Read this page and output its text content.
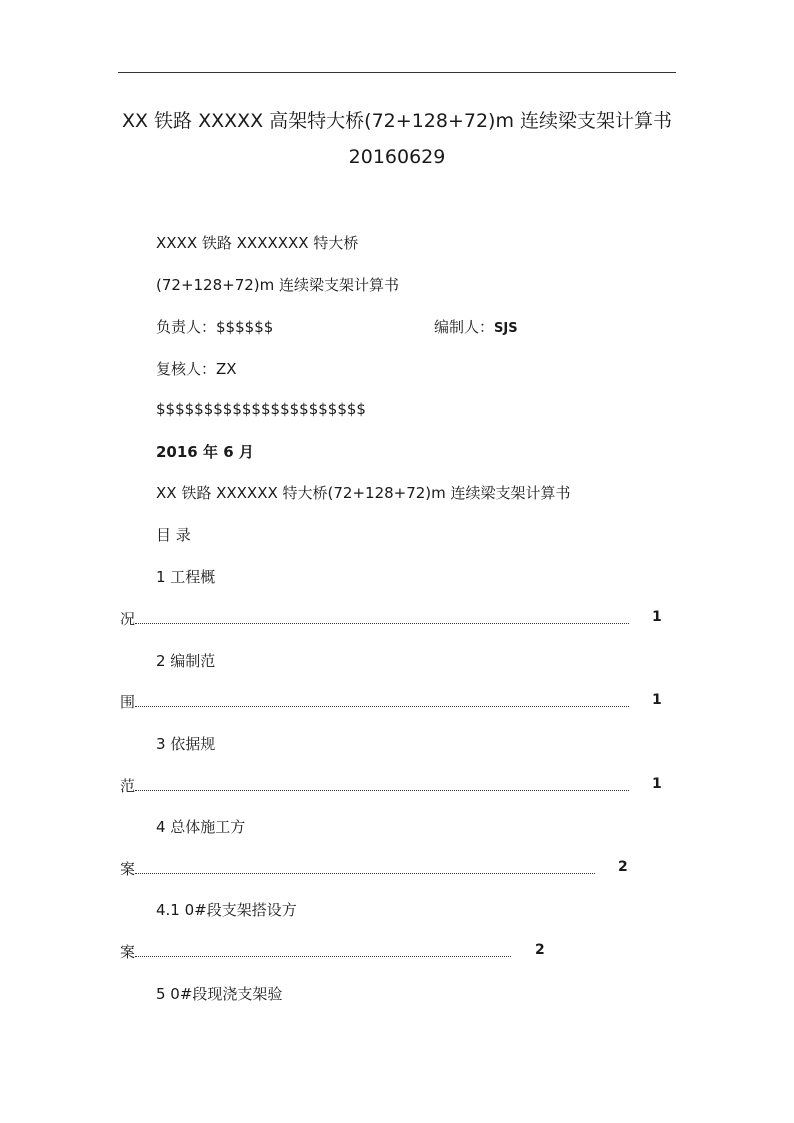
XX 铁路 XXXXX 高架特大桥(72+128+72)m 连续梁支架计算书
20160629
XXXX 铁路 XXXXXXX 特大桥
(72+128+72)m 连续梁支架计算书
负责人：$$$$$$	编制人：SJS
复核人：ZX
$$$$$$$$$$$$$$$$$$$$$$
2016 年 6 月
XX 铁路 XXXXXX 特大桥(72+128+72)m 连续梁支架计算书
目 录
1 工程概
况	1
2 编制范
围	1
3 依据规
范	1
4 总体施工方
案	2
4.1 0#段支架搭设方
案	2
5 0#段现浇支架验
